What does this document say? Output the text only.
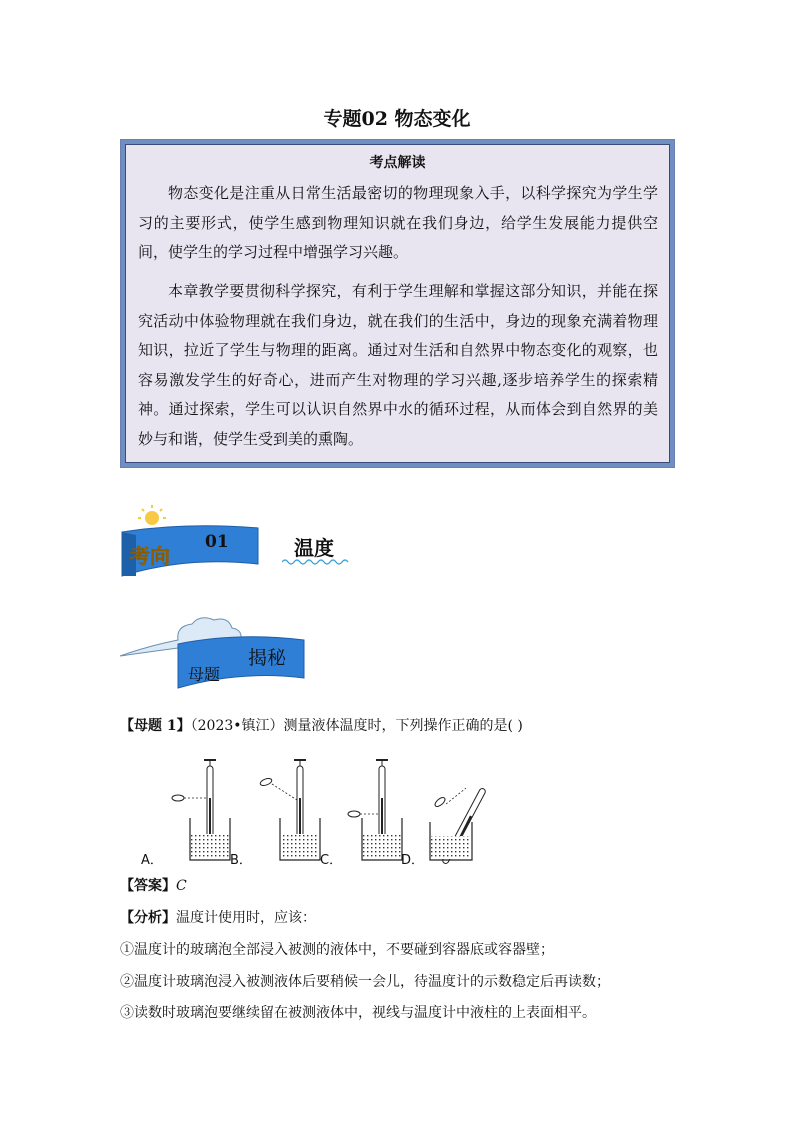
专题02 物态变化
考点解读
物态变化是注重从日常生活最密切的物理现象入手，以科学探究为学生学习的主要形式，使学生感到物理知识就在我们身边，给学生发展能力提供空间，使学生的学习过程中增强学习兴趣。
本章教学要贯彻科学探究，有利于学生理解和掌握这部分知识，并能在探究活动中体验物理就在我们身边，就在我们的生活中，身边的现象充满着物理知识，拉近了学生与物理的距离。通过对生活和自然界中物态变化的观察，也容易激发学生的好奇心，进而产生对物理的学习兴趣,逐步培养学生的探索精神。通过探索，学生可以认识自然界中水的循环过程，从而体会到自然界的美妙与和谐，使学生受到美的熏陶。
考向
01	温度
母题
揭秘
【母题 1】（2023•镇江）测量液体温度时，下列操作正确的是( )
A．	B．	C．	D．
【答案】C
【分析】温度计使用时，应该：
①温度计的玻璃泡全部浸入被测的液体中，不要碰到容器底或容器壁；
②温度计玻璃泡浸入被测液体后要稍候一会儿，待温度计的示数稳定后再读数；
③读数时玻璃泡要继续留在被测液体中，视线与温度计中液柱的上表面相平。
